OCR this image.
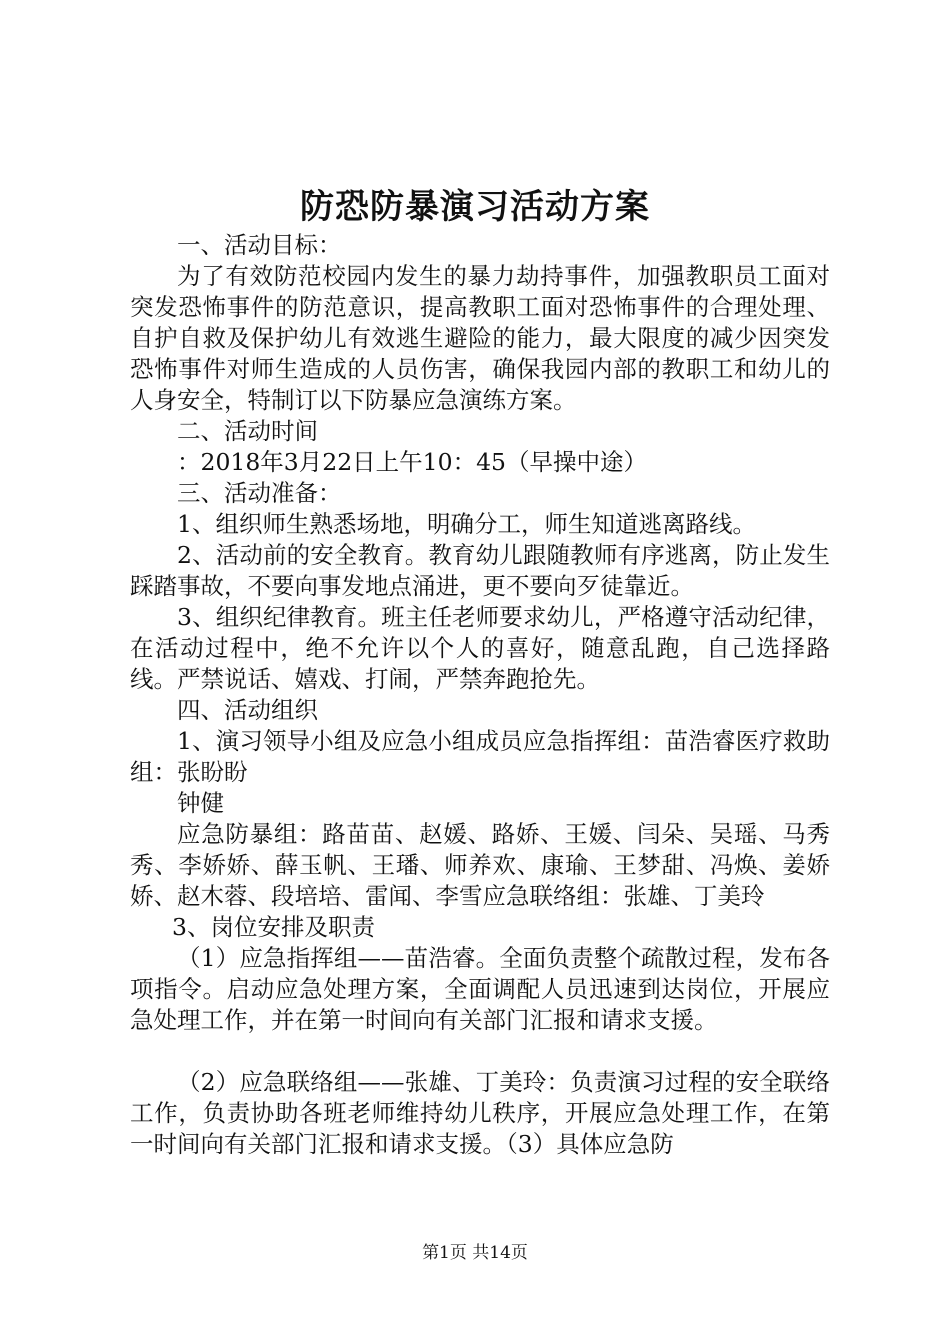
防恐防暴演习活动方案

一、活动目标：

为了有效防范校园内发生的暴力劫持事件，加强教职员工面对突发恐怖事件的防范意识，提高教职工面对恐怖事件的合理处理、自护自救及保护幼儿有效逃生避险的能力，最大限度的减少因突发恐怖事件对师生造成的人员伤害，确保我园内部的教职工和幼儿的人身安全，特制订以下防暴应急演练方案。

二、活动时间

：2018年3月22日上午10：45（早操中途）

三、活动准备：

1、组织师生熟悉场地，明确分工，师生知道逃离路线。

2、活动前的安全教育。教育幼儿跟随教师有序逃离，防止发生踩踏事故，不要向事发地点涌进，更不要向歹徒靠近。

3、组织纪律教育。班主任老师要求幼儿，严格遵守活动纪律，在活动过程中，绝不允许以个人的喜好，随意乱跑，自己选择路线。严禁说话、嬉戏、打闹，严禁奔跑抢先。

四、活动组织

1、演习领导小组及应急小组成员应急指挥组：苗浩睿医疗救助组：张盼盼

钟健

应急防暴组：路苗苗、赵媛、路娇、王媛、闫朵、吴瑶、马秀秀、李娇娇、薛玉帆、王璠、师养欢、康瑜、王梦甜、冯焕、姜娇娇、赵木蓉、段培培、雷闻、李雪应急联络组：张雄、丁美玲

3、岗位安排及职责

（1）应急指挥组——苗浩睿。全面负责整个疏散过程，发布各项指令。启动应急处理方案，全面调配人员迅速到达岗位，开展应急处理工作，并在第一时间向有关部门汇报和请求支援。

（2）应急联络组——张雄、丁美玲：负责演习过程的安全联络工作，负责协助各班老师维持幼儿秩序，开展应急处理工作，在第一时间向有关部门汇报和请求支援。（3）具体应急防

第1页 共14页
